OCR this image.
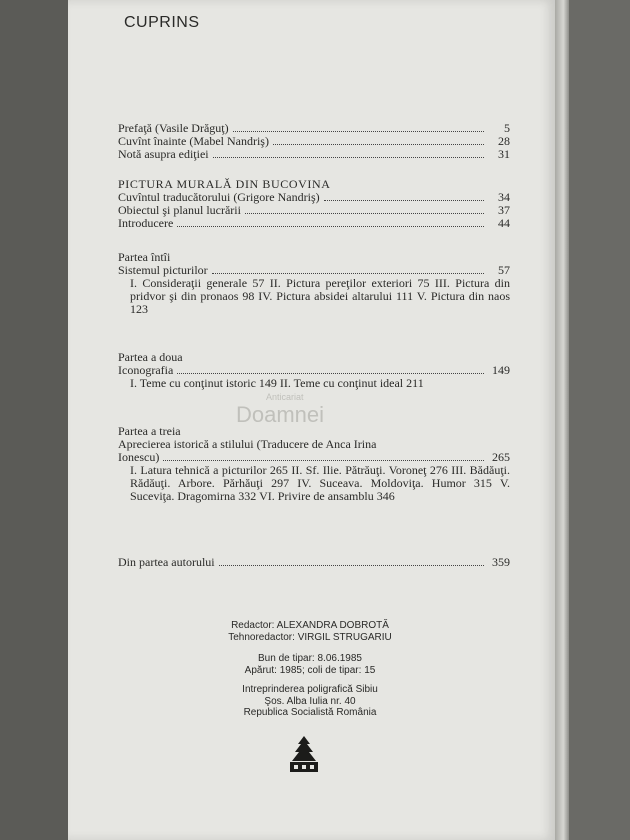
CUPRINS
Prefaţă (Vasile Drăguţ)	5
Cuvînt înainte (Mabel Nandriş)	28
Notă asupra ediţiei	31
PICTURA MURALĂ DIN BUCOVINA
Cuvîntul traducătorului (Grigore Nandriş)	34
Obiectul şi planul lucrării	37
Introducere	44
Partea întîi
Sistemul picturilor	57
I. Consideraţii generale 57 II. Pictura pereţilor exteriori 75 III. Pictura din pridvor şi din pronaos 98 IV. Pictura absidei altarului 111 V. Pictura din naos 123
Partea a doua
Iconografia	149
I. Teme cu conţinut istoric 149 II. Teme cu conţinut ideal 211
Partea a treia
Aprecierea istorică a stilului (Traducere de Anca Irina
Ionescu)	265
I. Latura tehnică a picturilor 265 II. Sf. Ilie. Pătrăuţi. Voroneţ 276 III. Bădăuţi. Rădăuţi. Arbore. Părhăuţi 297 IV. Suceava. Moldoviţa. Humor 315 V. Suceviţa. Dragomirna 332 VI. Privire de ansamblu 346
Din partea autorului	359
Redactor: ALEXANDRA DOBROTĂ
Tehnoredactor: VIRGIL STRUGARIU
Bun de tipar: 8.06.1985
Apărut: 1985; coli de tipar: 15
Intreprinderea poligrafică Sibiu
Şos. Alba Iulia nr. 40
Republica Socialistă România
Anticariat
Doamnei
